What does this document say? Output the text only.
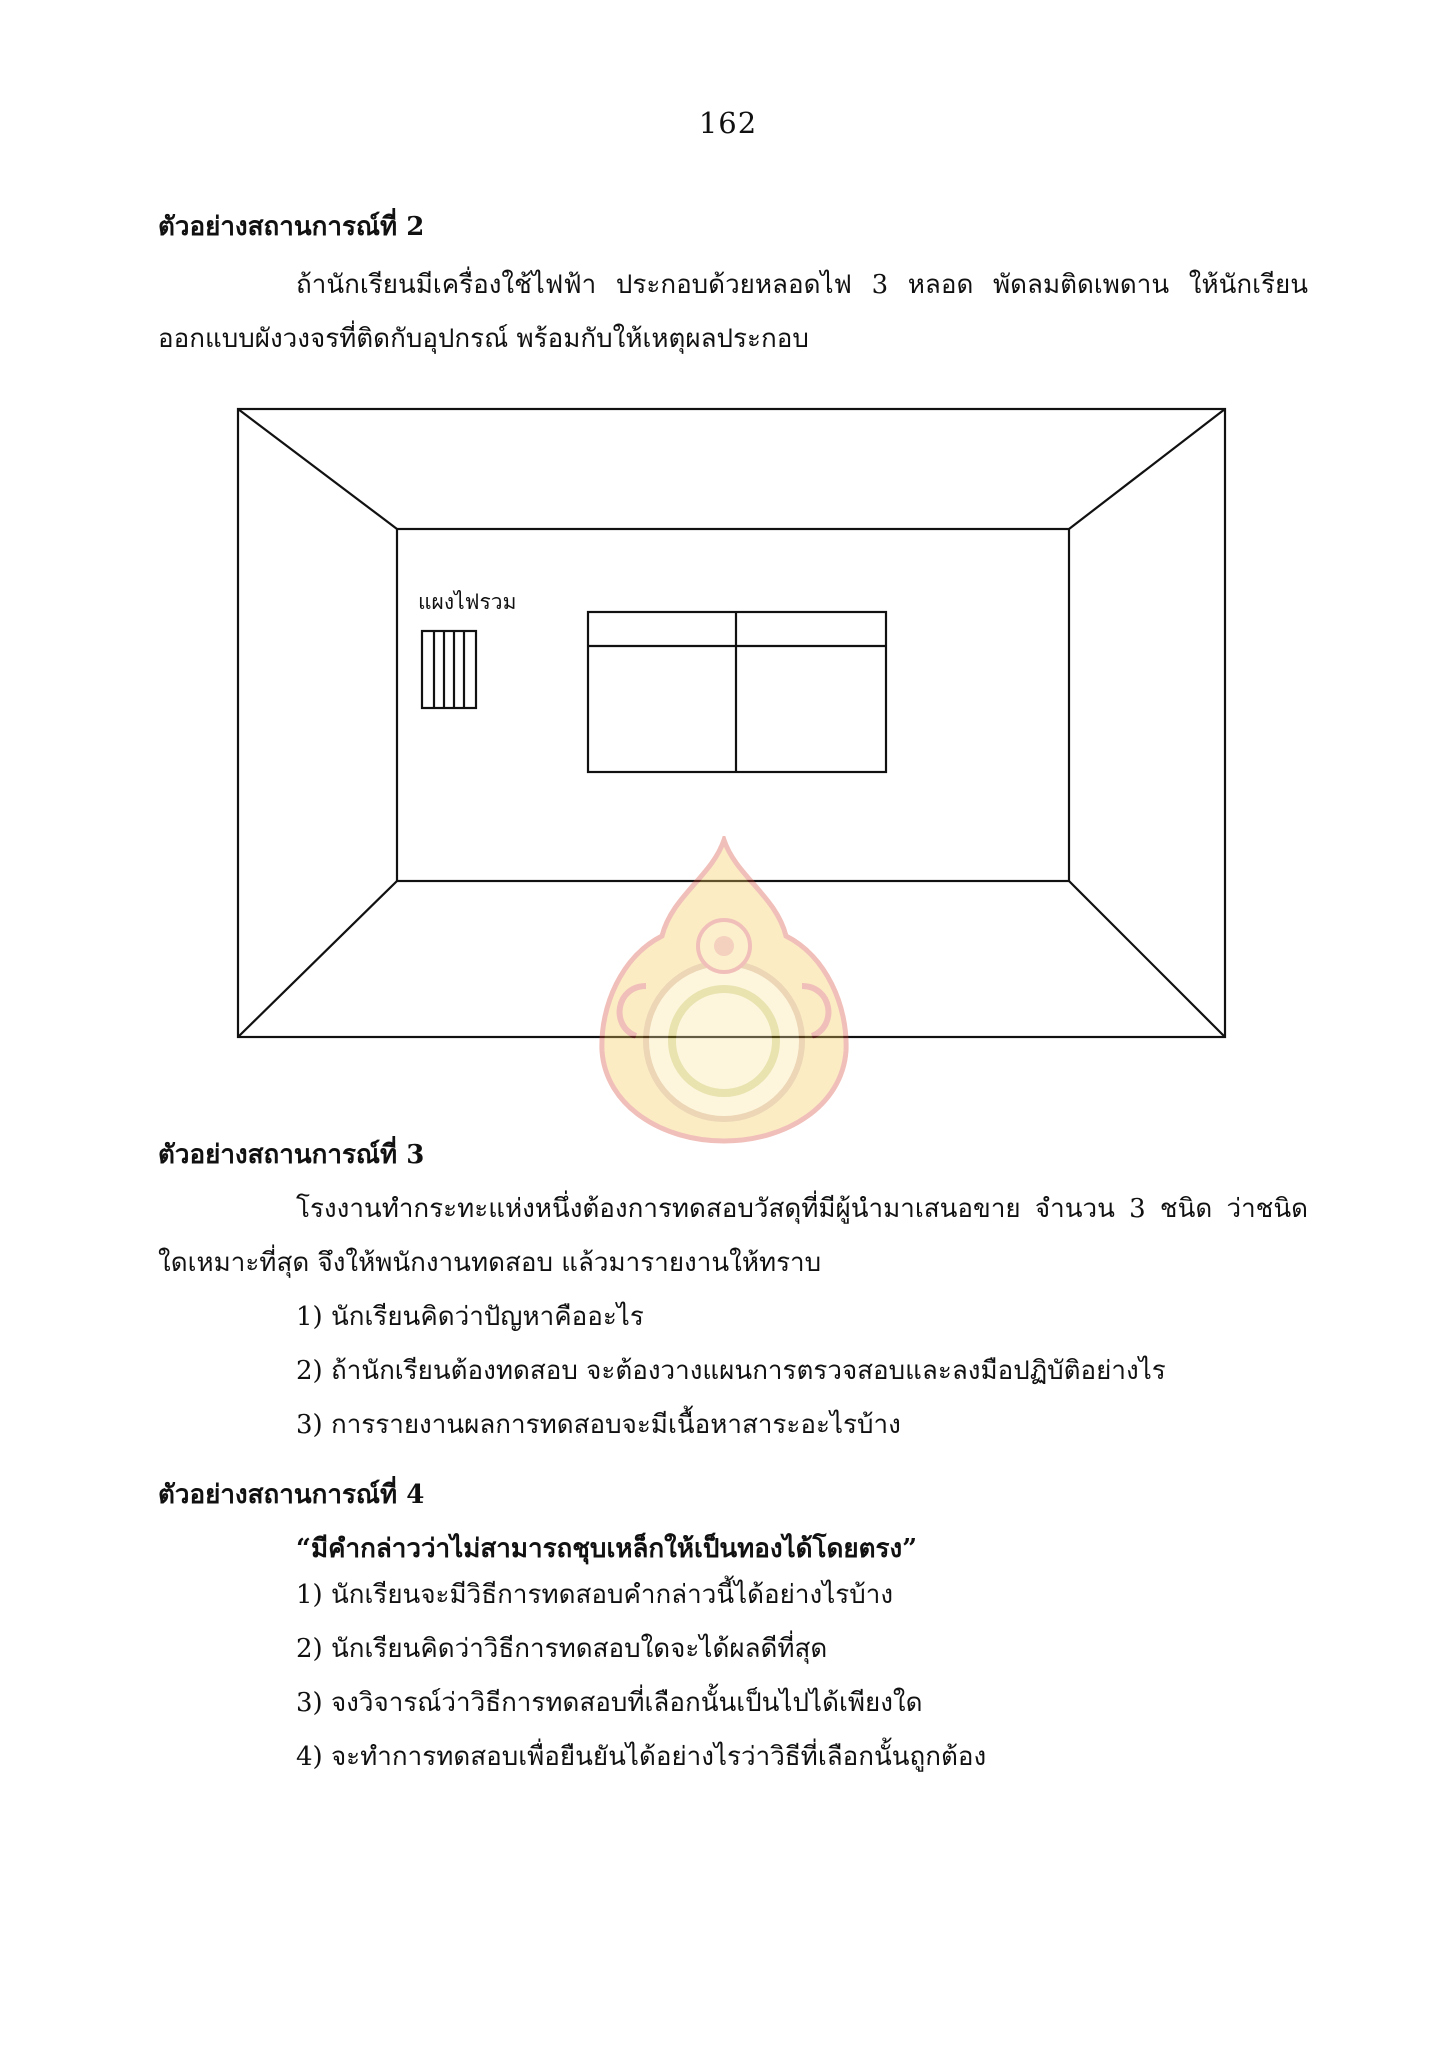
162
ตัวอย่างสถานการณ์ที่ 2
ถ้านักเรียนมีเครื่องใช้ไฟฟ้า ประกอบด้วยหลอดไฟ 3 หลอด พัดลมติดเพดาน ให้นักเรียนออกแบบผังวงจรที่ติดกับอุปกรณ์ พร้อมกับให้เหตุผลประกอบ
แผงไฟรวม
ตัวอย่างสถานการณ์ที่ 3
โรงงานทำกระทะแห่งหนึ่งต้องการทดสอบวัสดุที่มีผู้นำมาเสนอขาย จำนวน 3 ชนิด ว่าชนิดใดเหมาะที่สุด จึงให้พนักงานทดสอบ แล้วมารายงานให้ทราบ
1) นักเรียนคิดว่าปัญหาคืออะไร
2) ถ้านักเรียนต้องทดสอบ จะต้องวางแผนการตรวจสอบและลงมือปฏิบัติอย่างไร
3) การรายงานผลการทดสอบจะมีเนื้อหาสาระอะไรบ้าง
ตัวอย่างสถานการณ์ที่ 4
“มีคำกล่าวว่าไม่สามารถชุบเหล็กให้เป็นทองได้โดยตรง”
1) นักเรียนจะมีวิธีการทดสอบคำกล่าวนี้ได้อย่างไรบ้าง
2) นักเรียนคิดว่าวิธีการทดสอบใดจะได้ผลดีที่สุด
3) จงวิจารณ์ว่าวิธีการทดสอบที่เลือกนั้นเป็นไปได้เพียงใด
4) จะทำการทดสอบเพื่อยืนยันได้อย่างไรว่าวิธีที่เลือกนั้นถูกต้อง
